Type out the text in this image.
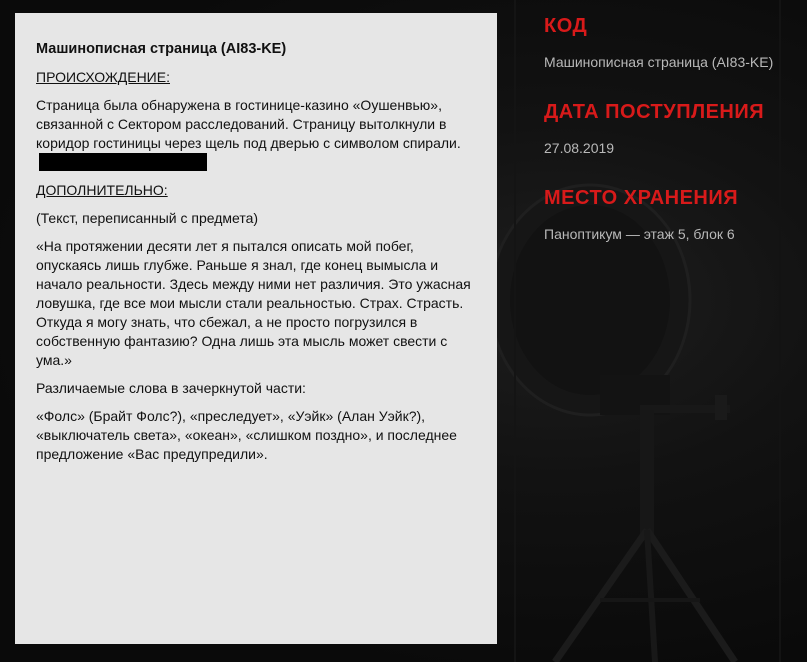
Машинописная страница (AI83-KE)

ПРОИСХОЖДЕНИЕ:

Страница была обнаружена в гостинице-казино «Оушенвью», связанной с Сектором расследований. Страницу вытолкнули в коридор гостиницы через щель под дверью с символом спирали.

ДОПОЛНИТЕЛЬНО:

(Текст, переписанный с предмета)

«На протяжении десяти лет я пытался описать мой побег, опускаясь лишь глубже. Раньше я знал, где конец вымысла и начало реальности. Здесь между ними нет различия. Это ужасная ловушка, где все мои мысли стали реальностью. Страх. Страсть. Откуда я могу знать, что сбежал, а не просто погрузился в собственную фантазию? Одна лишь эта мысль может свести с ума.»

Различаемые слова в зачеркнутой части:

«Фолс» (Брайт Фолс?), «преследует», «Уэйк» (Алан Уэйк?), «выключатель света», «океан», «слишком поздно», и последнее предложение «Вас предупредили».

КОД

Машинописная страница (AI83-KE)

ДАТА ПОСТУПЛЕНИЯ

27.08.2019

МЕСТО ХРАНЕНИЯ

Паноптикум — этаж 5, блок 6
